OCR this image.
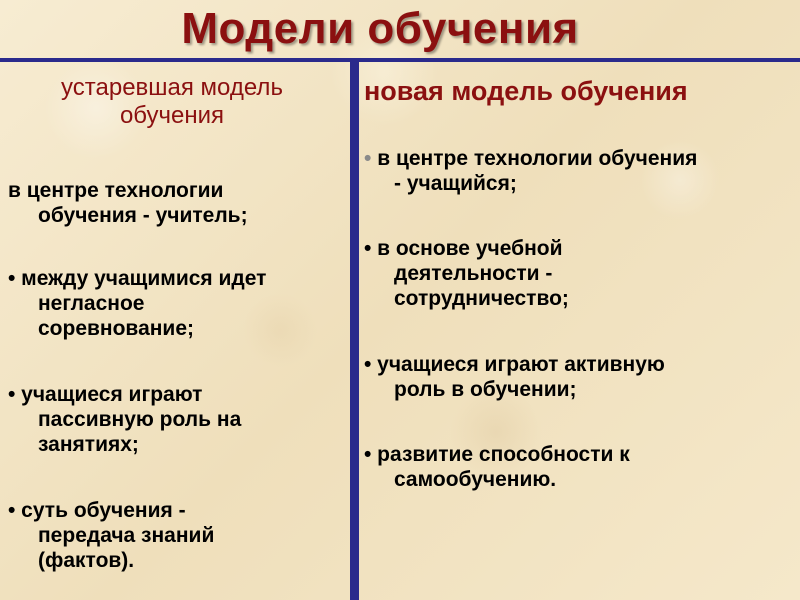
Модели обучения
устаревшая модель обучения
в центре технологии
обучения - учитель;
• между учащимися идет
негласное соревнование;
• учащиеся играют
пассивную роль на занятиях;
• суть обучения -
передача знаний (фактов).
новая модель обучения
• в центре технологии обучения
- учащийся;
• в основе учебной
деятельности - сотрудничество;
• учащиеся играют активную
роль в обучении;
• развитие способности к
самообучению.
